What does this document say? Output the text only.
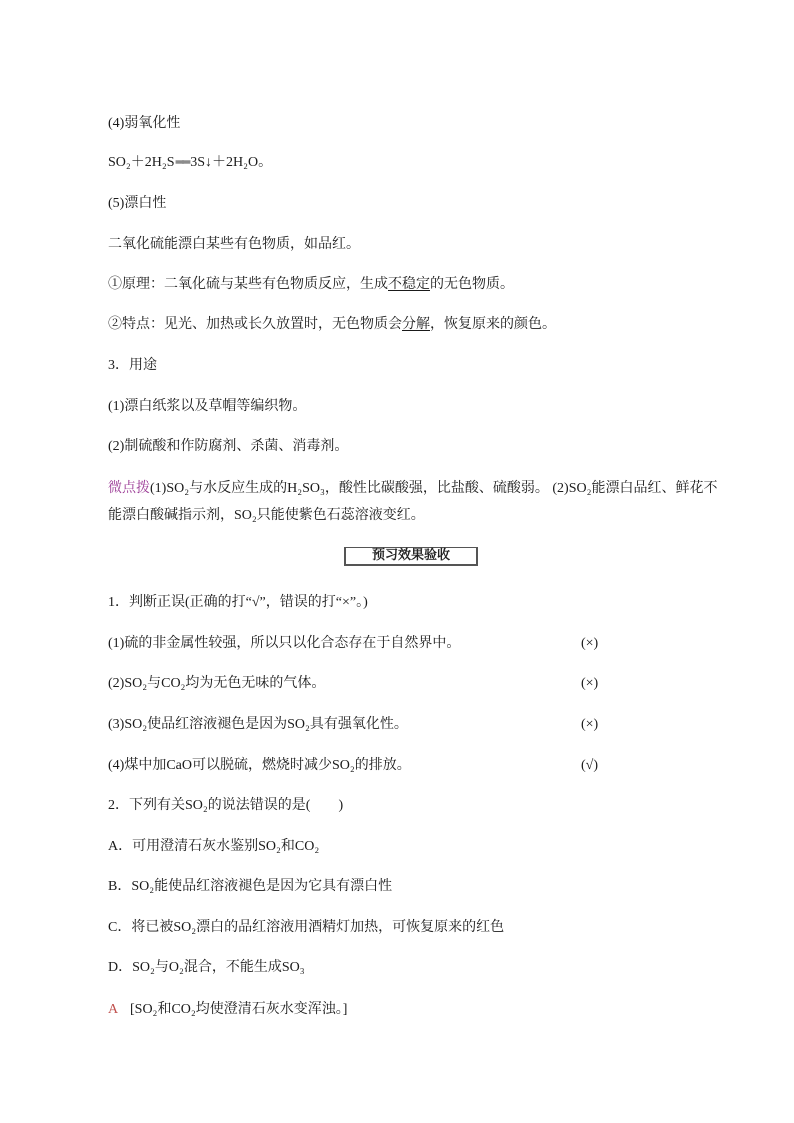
(4)弱氧化性
SO₂＋2H₂S══3S↓＋2H₂O。
(5)漂白性
二氧化硫能漂白某些有色物质，如品红。
①原理：二氧化硫与某些有色物质反应，生成不稳定的无色物质。
②特点：见光、加热或长久放置时，无色物质会分解，恢复原来的颜色。
3．用途
(1)漂白纸浆以及草帽等编织物。
(2)制硫酸和作防腐剂、杀菌、消毒剂。
微点拨(1)SO₂与水反应生成的H₂SO₃，酸性比碳酸强，比盐酸、硫酸弱。 (2)SO₂能漂白品红、鲜花不
能漂白酸碱指示剂，SO₂只能使紫色石蕊溶液变红。
预习效果验收
1．判断正误(正确的打“√”，错误的打“×”。)
(1)硫的非金属性较强，所以只以化合态存在于自然界中。	(×)
(2)SO₂与CO₂均为无色无味的气体。	(×)
(3)SO₂使品红溶液褪色是因为SO₂具有强氧化性。	(×)
(4)煤中加CaO可以脱硫，燃烧时减少SO₂的排放。	(√)
2．下列有关SO₂的说法错误的是(　　)
A．可用澄清石灰水鉴别SO₂和CO₂
B．SO₂能使品红溶液褪色是因为它具有漂白性
C．将已被SO₂漂白的品红溶液用酒精灯加热，可恢复原来的红色
D．SO₂与O₂混合，不能生成SO₃
A [SO₂和CO₂均使澄清石灰水变浑浊。]
